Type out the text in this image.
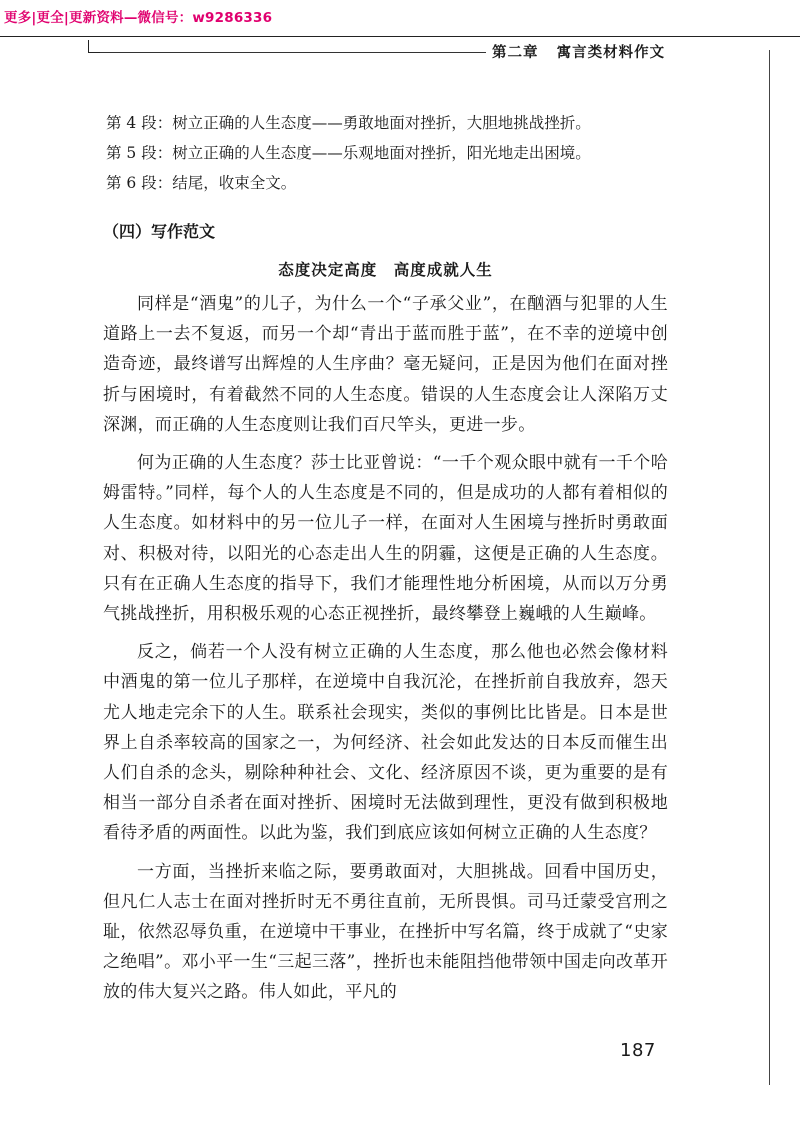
更多|更全|更新资料—微信号：w9286336
第二章 寓言类材料作文

第 4 段：树立正确的人生态度——勇敢地面对挫折，大胆地挑战挫折。

第 5 段：树立正确的人生态度——乐观地面对挫折，阳光地走出困境。

第 6 段：结尾，收束全文。

（四）写作范文
态度决定高度　高度成就人生

同样是“酒鬼”的儿子，为什么一个“子承父业”，在酗酒与犯罪的人生道路上一去不复返，而另一个却“青出于蓝而胜于蓝”，在不幸的逆境中创造奇迹，最终谱写出辉煌的人生序曲？毫无疑问，正是因为他们在面对挫折与困境时，有着截然不同的人生态度。错误的人生态度会让人深陷万丈深渊，而正确的人生态度则让我们百尺竿头，更进一步。

何为正确的人生态度？莎士比亚曾说：“一千个观众眼中就有一千个哈姆雷特。”同样，每个人的人生态度是不同的，但是成功的人都有着相似的人生态度。如材料中的另一位儿子一样，在面对人生困境与挫折时勇敢面对、积极对待，以阳光的心态走出人生的阴霾，这便是正确的人生态度。只有在正确人生态度的指导下，我们才能理性地分析困境，从而以万分勇气挑战挫折，用积极乐观的心态正视挫折，最终攀登上巍峨的人生巅峰。

反之，倘若一个人没有树立正确的人生态度，那么他也必然会像材料中酒鬼的第一位儿子那样，在逆境中自我沉沦，在挫折前自我放弃，怨天尤人地走完余下的人生。联系社会现实，类似的事例比比皆是。日本是世界上自杀率较高的国家之一，为何经济、社会如此发达的日本反而催生出人们自杀的念头，剔除种种社会、文化、经济原因不谈，更为重要的是有相当一部分自杀者在面对挫折、困境时无法做到理性，更没有做到积极地看待矛盾的两面性。以此为鉴，我们到底应该如何树立正确的人生态度？

一方面，当挫折来临之际，要勇敢面对，大胆挑战。回看中国历史，但凡仁人志士在面对挫折时无不勇往直前，无所畏惧。司马迁蒙受宫刑之耻，依然忍辱负重，在逆境中干事业，在挫折中写名篇，终于成就了“史家之绝唱”。邓小平一生“三起三落”，挫折也未能阻挡他带领中国走向改革开放的伟大复兴之路。伟人如此，平凡的

187
